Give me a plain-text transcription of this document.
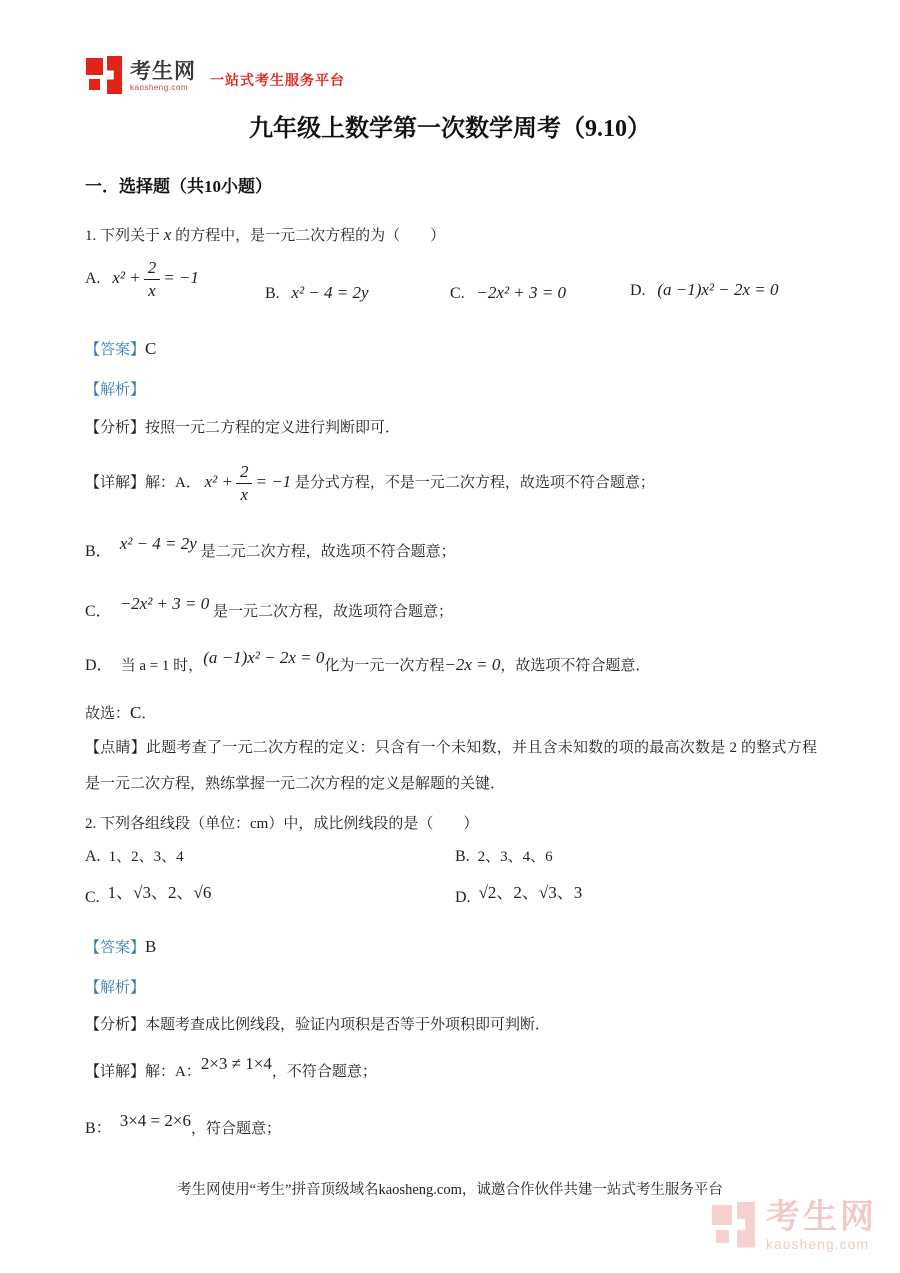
考生网
kaosheng.com	一站式考生服务平台
九年级上数学第一次数学周考（9.10）
一．选择题（共10小题）
1. 下列关于 x 的方程中，是一元二次方程的为（　　）
A. $x^2 + \frac{2}{x} = -1$
B. x² − 4 = 2y	C. −2x² + 3 = 0	D. (a −1)x² − 2x = 0
【答案】C
【解析】
【分析】按照一元二方程的定义进行判断即可．
【详解】解：A． $x^2 + \frac{2}{x} = -1$ 是分式方程，不是一元二次方程，故选项不符合题意；
B． x² − 4 = 2y 是二元二次方程，故选项不符合题意；
C． −2x² + 3 = 0 是一元二次方程，故选项符合题意；
D． 当 a = 1 时，(a −1)x² − 2x = 0化为一元一次方程−2x = 0，故选项不符合题意．
故选：C．
【点睛】此题考查了一元二次方程的定义：只含有一个未知数，并且含未知数的项的最高次数是 2 的整式方程是一元二次方程，熟练掌握一元二次方程的定义是解题的关键．
2. 下列各组线段（单位：cm）中，成比例线段的是（　　）
A. 1、2、3、4	B. 2、3、4、6
C. 1、√3、2、√6	D. √2、2、√3、3
【答案】B
【解析】
【分析】本题考查成比例线段，验证内项积是否等于外项积即可判断．
【详解】解：A：2×3 ≠ 1×4，不符合题意；
B： 3×4 = 2×6，符合题意；
考生网使用“考生”拼音顶级域名kaosheng.com，诚邀合作伙伴共建一站式考生服务平台
考生网
kaosheng.com
